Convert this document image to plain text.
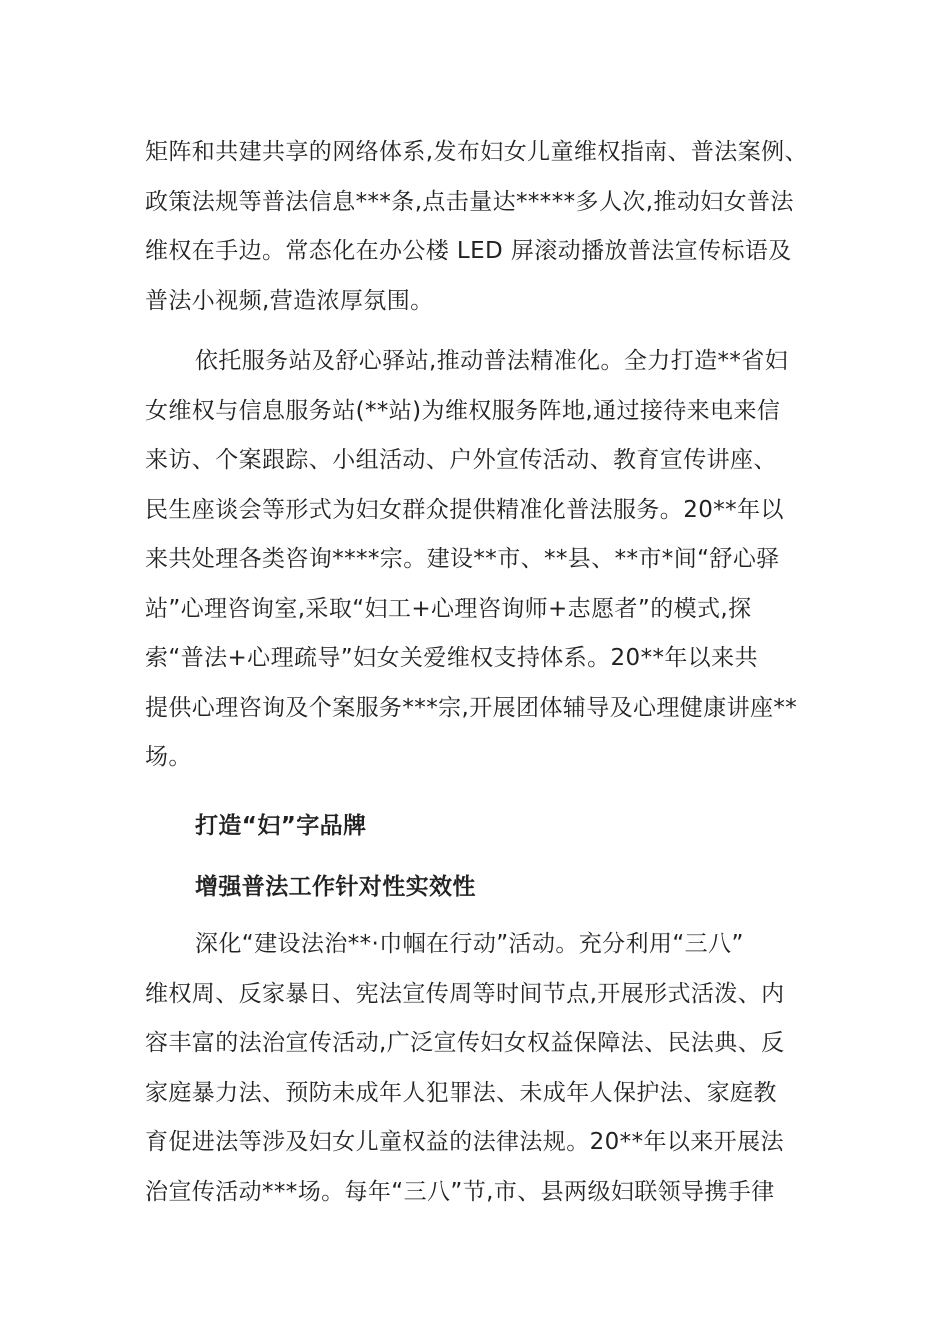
矩阵和共建共享的网络体系,发布妇女儿童维权指南、普法案例、
政策法规等普法信息***条,点击量达*****多人次,推动妇女普法
维权在手边。常态化在办公楼 LED 屏滚动播放普法宣传标语及
普法小视频,营造浓厚氛围。
依托服务站及舒心驿站,推动普法精准化。全力打造**省妇
女维权与信息服务站(**站)为维权服务阵地,通过接待来电来信
来访、个案跟踪、小组活动、户外宣传活动、教育宣传讲座、
民生座谈会等形式为妇女群众提供精准化普法服务。20**年以
来共处理各类咨询****宗。建设**市、**县、**市*间“舒心驿
站”心理咨询室,采取“妇工+心理咨询师+志愿者”的模式,探
索“普法+心理疏导”妇女关爱维权支持体系。20**年以来共
提供心理咨询及个案服务***宗,开展团体辅导及心理健康讲座**
场。
打造“妇”字品牌
增强普法工作针对性实效性
深化“建设法治**·巾帼在行动”活动。充分利用“三八”
维权周、反家暴日、宪法宣传周等时间节点,开展形式活泼、内
容丰富的法治宣传活动,广泛宣传妇女权益保障法、民法典、反
家庭暴力法、预防未成年人犯罪法、未成年人保护法、家庭教
育促进法等涉及妇女儿童权益的法律法规。20**年以来开展法
治宣传活动***场。每年“三八”节,市、县两级妇联领导携手律
